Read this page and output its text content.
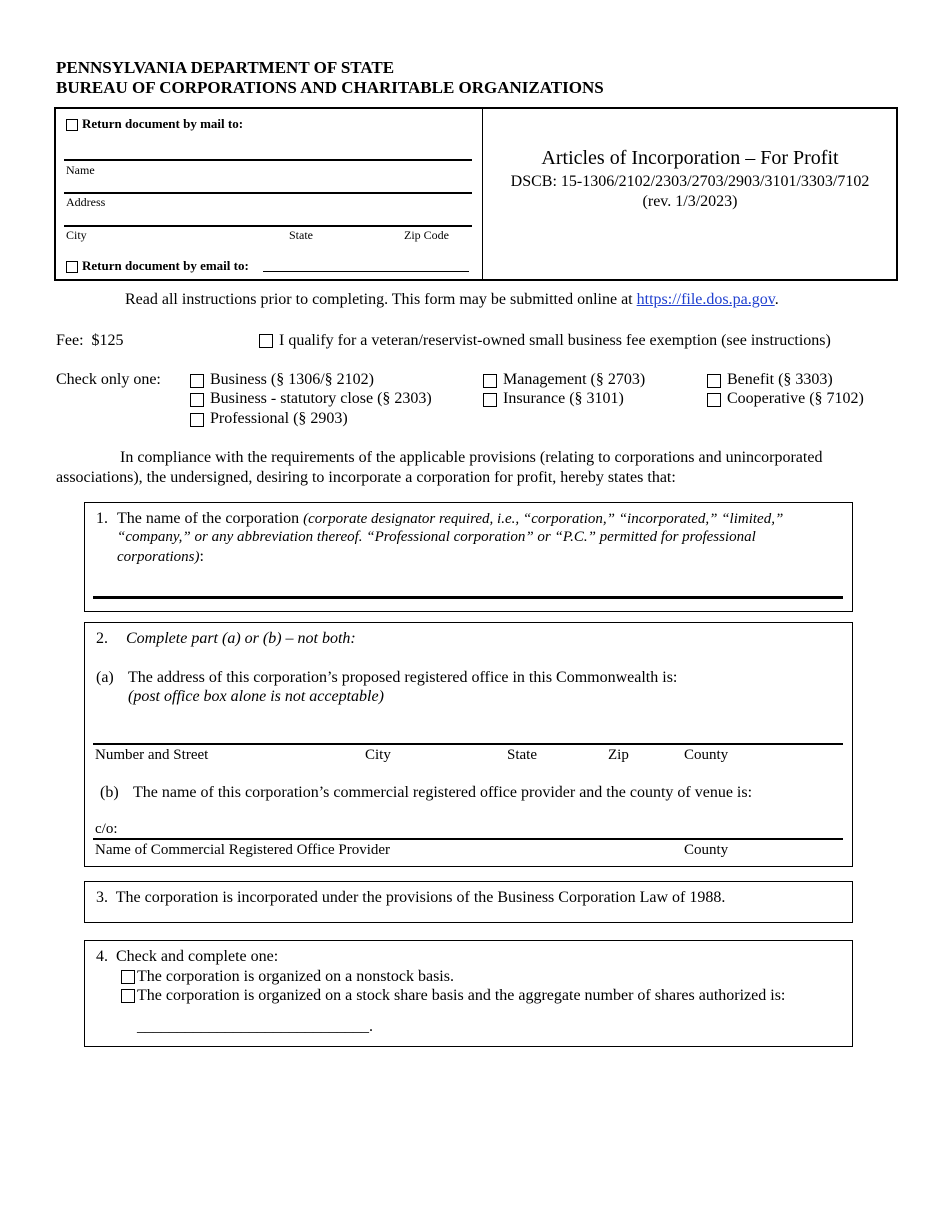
PENNSYLVANIA DEPARTMENT OF STATE
BUREAU OF CORPORATIONS AND CHARITABLE ORGANIZATIONS
Return document by mail to:
Name
Address
City	State	Zip Code
Return document by email to:
Articles of Incorporation – For Profit
DSCB: 15-1306/2102/2303/2703/2903/3101/3303/7102
(rev. 1/3/2023)
Read all instructions prior to completing. This form may be submitted online at https://file.dos.pa.gov.
Fee:  $125	I qualify for a veteran/reservist-owned small business fee exemption (see instructions)
Check only one:	Business (§ 1306/§ 2102)
Business - statutory close (§ 2303)
Professional (§ 2903)
Management (§ 2703)
Insurance (§ 3101)
Benefit (§ 3303)
Cooperative (§ 7102)
In compliance with the requirements of the applicable provisions (relating to corporations and unincorporated
associations), the undersigned, desiring to incorporate a corporation for profit, hereby states that:
1. The name of the corporation (corporate designator required, i.e., “corporation,” “incorporated,” “limited,”
“company,” or any abbreviation thereof. “Professional corporation” or “P.C.” permitted for professional
corporations):
2. Complete part (a) or (b) – not both:
(a) The address of this corporation’s proposed registered office in this Commonwealth is:
(post office box alone is not acceptable)
Number and Street	City	State	Zip	County
(b) The name of this corporation’s commercial registered office provider and the county of venue is:
c/o:
Name of Commercial Registered Office Provider	County
3.  The corporation is incorporated under the provisions of the Business Corporation Law of 1988.
4.  Check and complete one:
The corporation is organized on a nonstock basis.
The corporation is organized on a stock share basis and the aggregate number of shares authorized is:
_____________________________.
